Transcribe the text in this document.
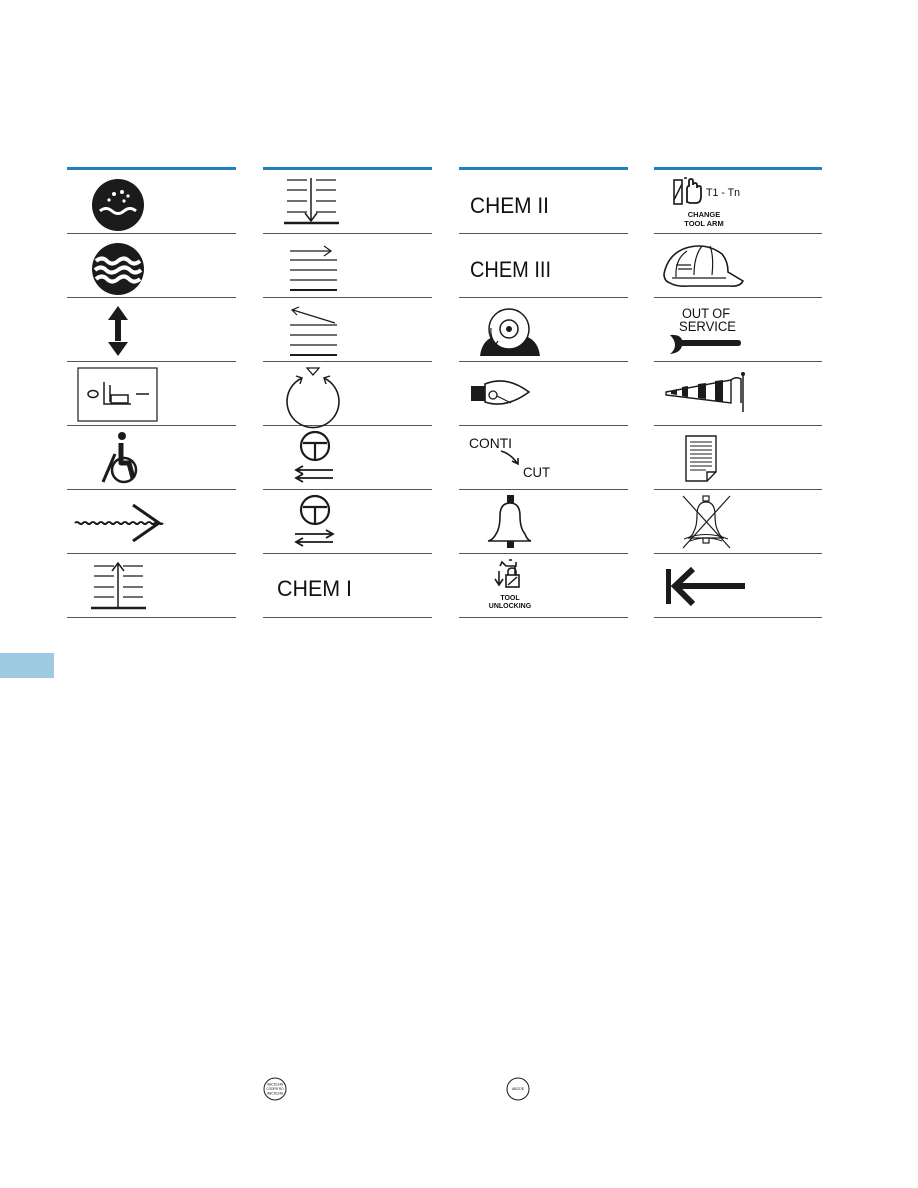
CHEM I
CHEM II
CHEM III
CONTI
CUT
TOOL
UNLOCKING
T1 - Tn
CHANGE
TOOL ARM
OUT OF
SERVICE
ABCD1148
CODRR RO
ABCD1148
ABCDE
